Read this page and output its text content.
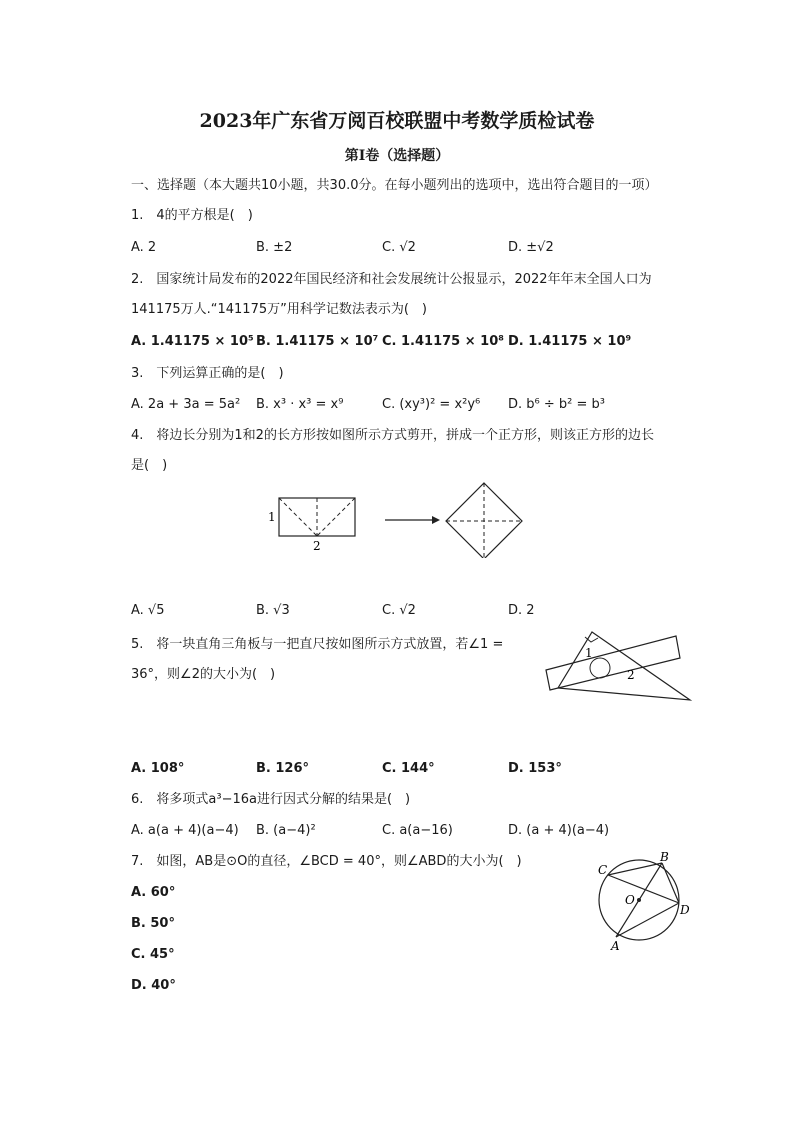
2023年广东省万阅百校联盟中考数学质检试卷
第Ⅰ卷（选择题）
一、选择题（本大题共10小题，共30.0分。在每小题列出的选项中，选出符合题目的一项）
1.　4的平方根是(　)
A. 2	B. ±2	C. √2	D. ±√2
2.　国家统计局发布的2022年国民经济和社会发展统计公报显示，2022年年末全国人口为
141175万人.“141175万”用科学记数法表示为(　)
A. 1.41175 × 10⁵ B. 1.41175 × 10⁷ C. 1.41175 × 10⁸ D. 1.41175 × 10⁹
3.　下列运算正确的是(　)
A. 2a + 3a = 5a² B. x³ · x³ = x⁹	C. (xy³)² = x²y⁶ D. b⁶ ÷ b² = b³
4.　将边长分别为1和2的长方形按如图所示方式剪开，拼成一个正方形，则该正方形的边长
是(　)
1
2
A. √5	B. √3	C. √2	D. 2
5.　将一块直角三角板与一把直尺按如图所示方式放置，若∠1 =
36°，则∠2的大小为(　)
1
2
A. 108°	B. 126°	C. 144°	D. 153°
6.　将多项式a³−16a进行因式分解的结果是(　)
A. a(a + 4)(a−4) B. (a−4)²	C. a(a−16)	D. (a + 4)(a−4)
7.　如图，AB是⊙O的直径，∠BCD = 40°，则∠ABD的大小为(　)
C
B
D
A
O
A. 60°
B. 50°
C. 45°
D. 40°
